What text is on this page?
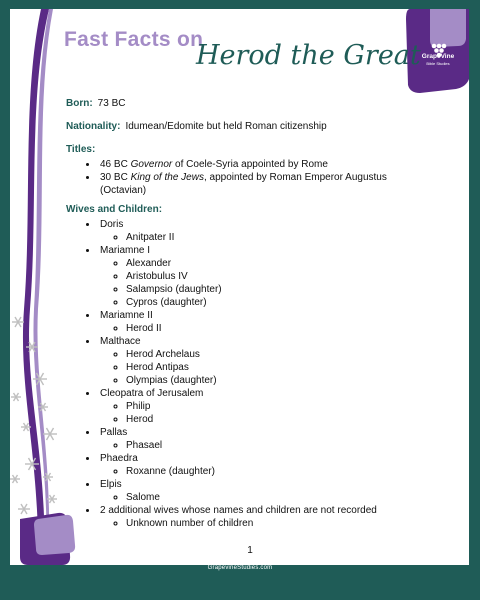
1
Fast Facts on
Herod the Great GrapeVine
Bible Studies
Born: 73 BC
Nationality: Idumean/Edomite but held Roman citizenship
Titles:
• 46 BC Governor of Coele-Syria appointed by Rome
• 30 BC King of the Jews, appointed by Roman Emperor Augustus (Octavian)
Wives and Children:
• Doris
◦ Anitpater II
• Mariamne I
◦ Alexander
◦ Aristobulus IV
◦ Salampsio (daughter)
◦ Cypros (daughter)
• Mariamne II
◦ Herod II
• Malthace
◦ Herod Archelaus
◦ Herod Antipas
◦ Olympias (daughter)
• Cleopatra of Jerusalem
◦ Philip
◦ Herod
• Pallas
◦ Phasael
• Phaedra
◦ Roxanne (daughter)
• Elpis
◦ Salome
• 2 additional wives whose names and children are not recorded
◦ Unknown number of children
GrapevineStudies.com
